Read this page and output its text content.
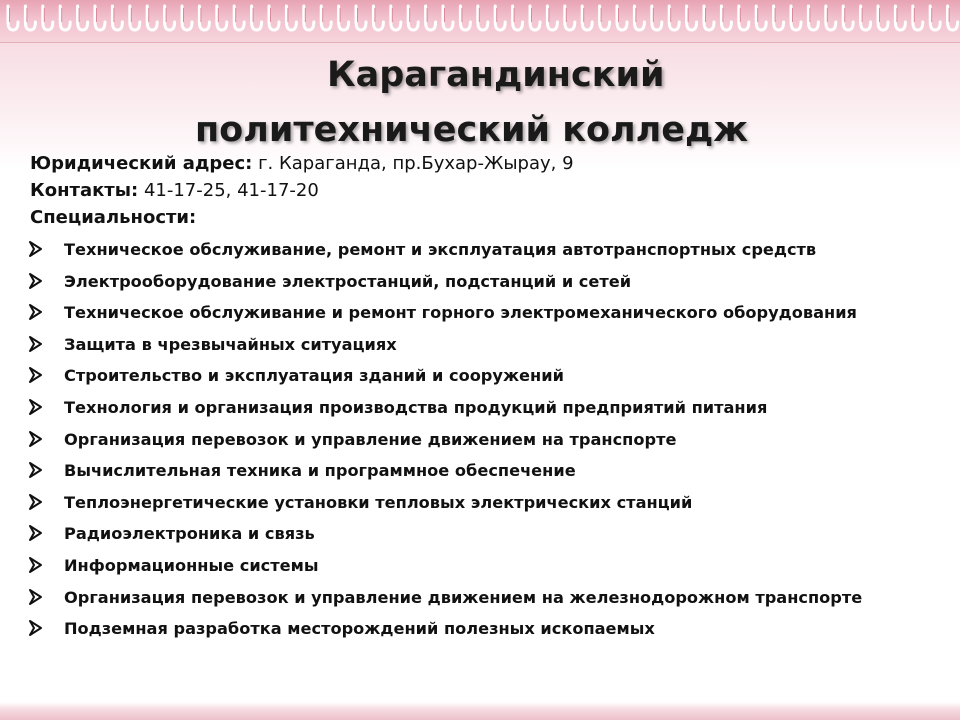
Карагандинский
политехнический колледж
Юридический адрес: г. Караганда, пр.Бухар-Жырау, 9
Контакты: 41-17-25, 41-17-20
Специальности:
Техническое обслуживание, ремонт и эксплуатация автотранспортных средств
Электрооборудование электростанций, подстанций и сетей
Техническое обслуживание и ремонт горного электромеханического оборудования
Защита в чрезвычайных ситуациях
Строительство и эксплуатация зданий и сооружений
Технология и организация производства продукций предприятий питания
Организация перевозок и управление движением на транспорте
Вычислительная техника и программное обеспечение
Теплоэнергетические установки тепловых электрических станций
Радиоэлектроника и связь
Информационные системы
Организация перевозок и управление движением на железнодорожном транспорте
Подземная разработка месторождений полезных ископаемых
